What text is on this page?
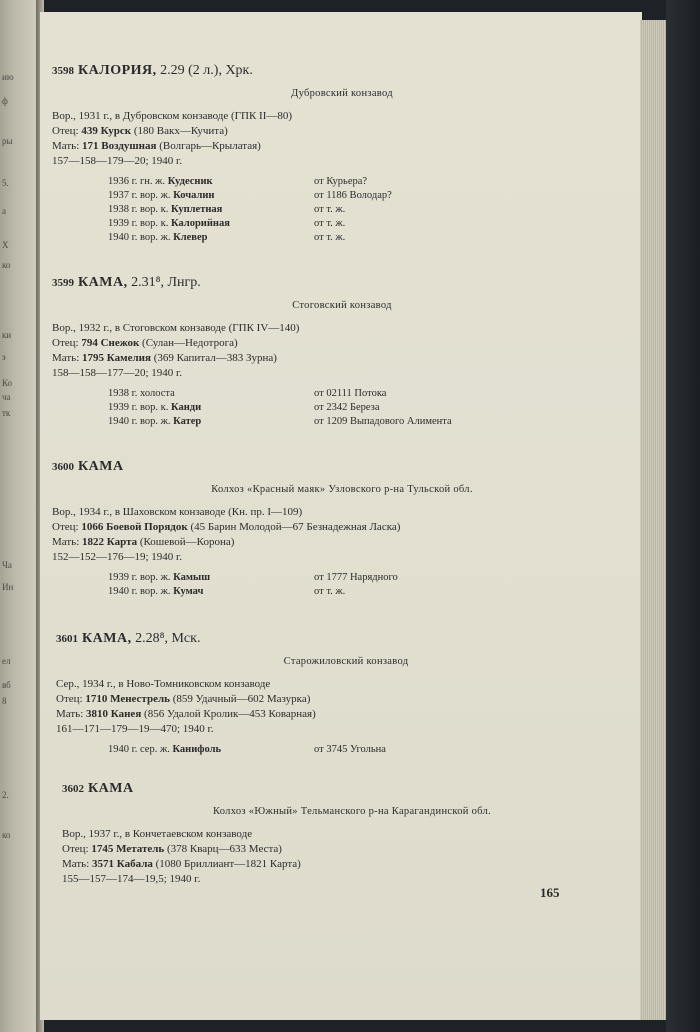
ию
ф
ры
5.
а
Х
ко
ки
з
Ко
ча
тк
Ча
Ин
ел
вб
8
2.
ко
3598 КАЛОРИЯ, 2.29 (2 л.), Хрк.
Дубровский конзавод
Вор., 1931 г., в Дубровском конзаводе (ГПК II—80)
Отец: 439 Курск (180 Вакх—Кучита)
Мать: 171 Воздушная (Волгарь—Крылатая)
157—158—179—20; 1940 г.
1936 г. гн. ж. Кудесник	от Курьера?
1937 г. вор. ж. Кочалин	от 1186 Володар?
1938 г. вор. к. Куплетная	от т. ж.
1939 г. вор. к. Калорийная	от т. ж.
1940 г. вор. ж. Клевер	от т. ж.
3599 КАМА, 2.31⁸, Лнгр.
Стоговский конзавод
Вор., 1932 г., в Стоговском конзаводе (ГПК IV—140)
Отец: 794 Снежок (Сулан—Недотрога)
Мать: 1795 Камелия (369 Капитал—383 Зурна)
158—158—177—20; 1940 г.
1938 г. холоста	от 02111 Потока
1939 г. вор. к. Канди	от 2342 Береза
1940 г. вор. ж. Катер	от 1209 Выпадового Алимента
3600 КАМА
Колхоз «Красный маяк» Узловского р-на Тульской обл.
Вор., 1934 г., в Шаховском конзаводе (Кн. пр. I—109)
Отец: 1066 Боевой Порядок (45 Барин Молодой—67 Безнадежная Ласка)
Мать: 1822 Карта (Кошевой—Корона)
152—152—176—19; 1940 г.
1939 г. вор. ж. Камыш	от 1777 Нарядного
1940 г. вор. ж. Кумач	от т. ж.
3601 КАМА, 2.28⁸, Мск.
Старожиловский конзавод
Сер., 1934 г., в Ново-Томниковском конзаводе
Отец: 1710 Менестрель (859 Удачный—602 Мазурка)
Мать: 3810 Канея (856 Удалой Кролик—453 Коварная)
161—171—179—19—470; 1940 г.
1940 г. сер. ж. Канифоль	от 3745 Угольна
3602 КАМА
Колхоз «Южный» Тельманского р-на Карагандинской обл.
Вор., 1937 г., в Кончетаевском конзаводе
Отец: 1745 Метатель (378 Кварц—633 Места)
Мать: 3571 Кабала (1080 Бриллиант—1821 Карта)
155—157—174—19,5; 1940 г.
165
